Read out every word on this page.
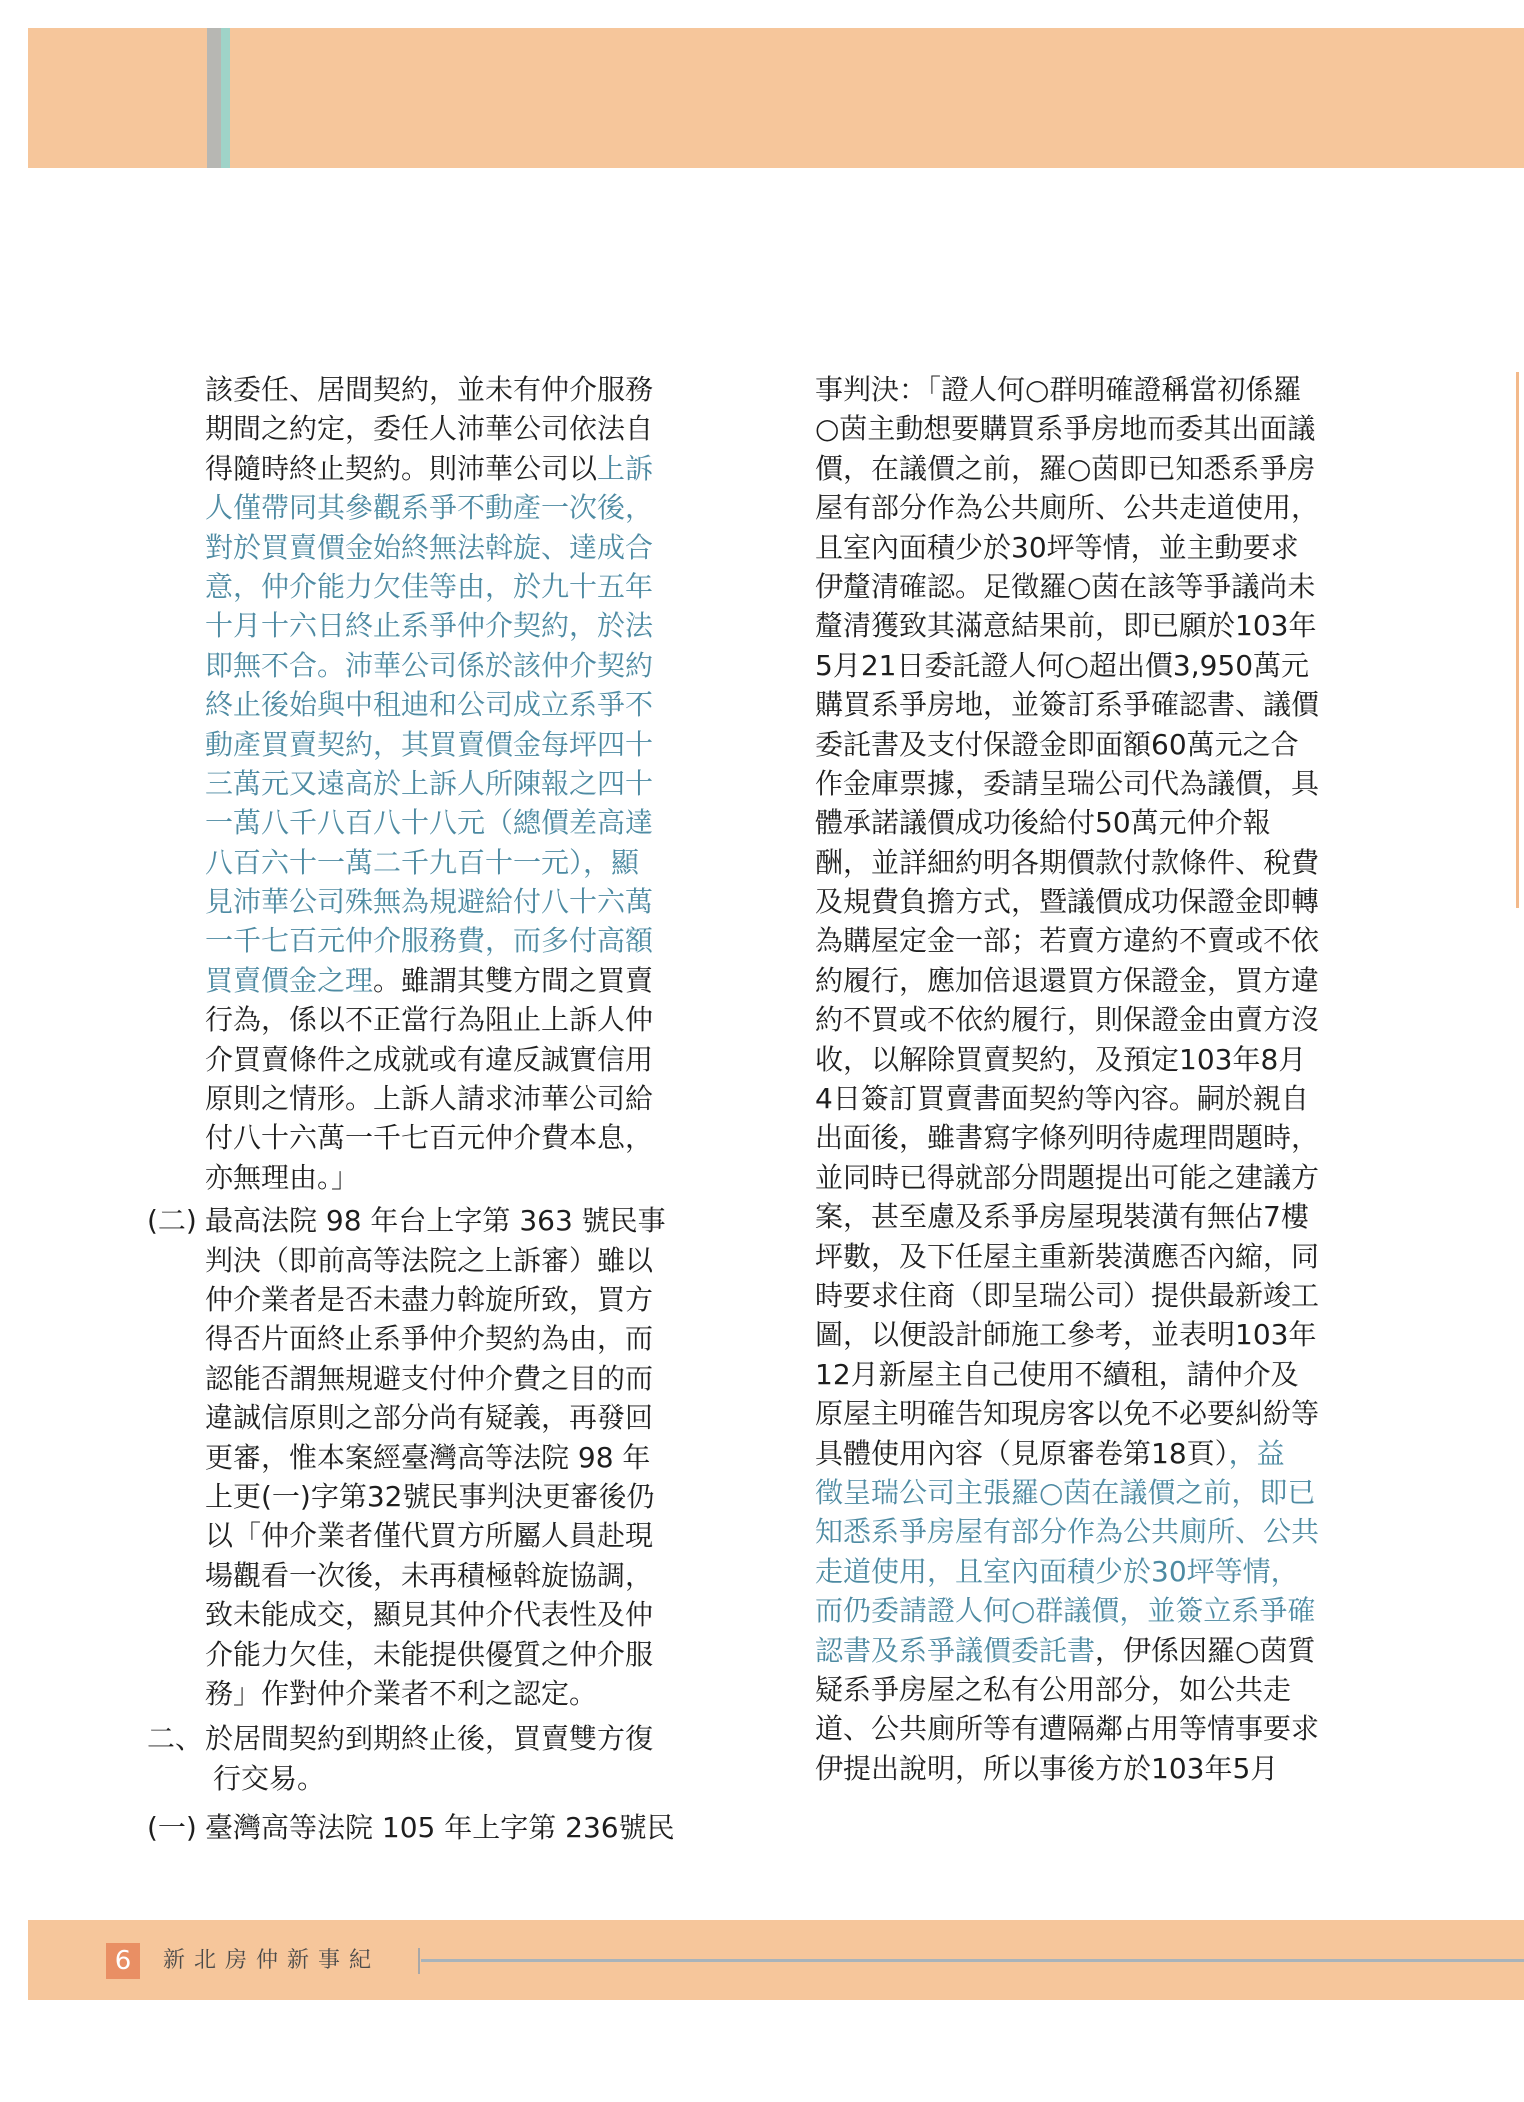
該委任、居間契約，並未有仲介服務
期間之約定，委任人沛華公司依法自
得隨時終止契約。則沛華公司以上訴
人僅帶同其參觀系爭不動產一次後，
對於買賣價金始終無法斡旋、達成合
意，仲介能力欠佳等由，於九十五年
十月十六日終止系爭仲介契約，於法
即無不合。沛華公司係於該仲介契約
終止後始與中租迪和公司成立系爭不
動產買賣契約，其買賣價金每坪四十
三萬元又遠高於上訴人所陳報之四十
一萬八千八百八十八元（總價差高達
八百六十一萬二千九百十一元），顯
見沛華公司殊無為規避給付八十六萬
一千七百元仲介服務費，而多付高額
買賣價金之理。雖謂其雙方間之買賣
行為，係以不正當行為阻止上訴人仲
介買賣條件之成就或有違反誠實信用
原則之情形。上訴人請求沛華公司給
付八十六萬一千七百元仲介費本息，
亦無理由。」
(二) 最高法院 98 年台上字第 363 號民事
判決（即前高等法院之上訴審）雖以
仲介業者是否未盡力斡旋所致，買方
得否片面終止系爭仲介契約為由，而
認能否謂無規避支付仲介費之目的而
違誠信原則之部分尚有疑義，再發回
更審，惟本案經臺灣高等法院 98 年
上更(一)字第32號民事判決更審後仍
以「仲介業者僅代買方所屬人員赴現
場觀看一次後，未再積極斡旋協調，
致未能成交，顯見其仲介代表性及仲
介能力欠佳，未能提供優質之仲介服
務」作對仲介業者不利之認定。
二、 於居間契約到期終止後，買賣雙方復
行交易。
(一) 臺灣高等法院 105 年上字第 236號民
事判決：「證人何○群明確證稱當初係羅
○茵主動想要購買系爭房地而委其出面議
價，在議價之前，羅○茵即已知悉系爭房
屋有部分作為公共廁所、公共走道使用，
且室內面積少於30坪等情，並主動要求
伊釐清確認。足徵羅○茵在該等爭議尚未
釐清獲致其滿意結果前，即已願於103年
5月21日委託證人何○超出價3,950萬元
購買系爭房地，並簽訂系爭確認書、議價
委託書及支付保證金即面額60萬元之合
作金庫票據，委請呈瑞公司代為議價，具
體承諾議價成功後給付50萬元仲介報
酬，並詳細約明各期價款付款條件、稅費
及規費負擔方式，暨議價成功保證金即轉
為購屋定金一部；若賣方違約不賣或不依
約履行，應加倍退還買方保證金，買方違
約不買或不依約履行，則保證金由賣方沒
收，以解除買賣契約，及預定103年8月
4日簽訂買賣書面契約等內容。嗣於親自
出面後，雖書寫字條列明待處理問題時，
並同時已得就部分問題提出可能之建議方
案，甚至慮及系爭房屋現裝潢有無佔7樓
坪數，及下任屋主重新裝潢應否內縮，同
時要求住商（即呈瑞公司）提供最新竣工
圖，以便設計師施工參考，並表明103年
12月新屋主自己使用不續租，請仲介及
原屋主明確告知現房客以免不必要糾紛等
具體使用內容（見原審卷第18頁），益
徵呈瑞公司主張羅○茵在議價之前，即已
知悉系爭房屋有部分作為公共廁所、公共
走道使用，且室內面積少於30坪等情，
而仍委請證人何○群議價，並簽立系爭確
認書及系爭議價委託書，伊係因羅○茵質
疑系爭房屋之私有公用部分，如公共走
道、公共廁所等有遭隔鄰占用等情事要求
伊提出說明，所以事後方於103年5月
6	新北房仲新事紀
